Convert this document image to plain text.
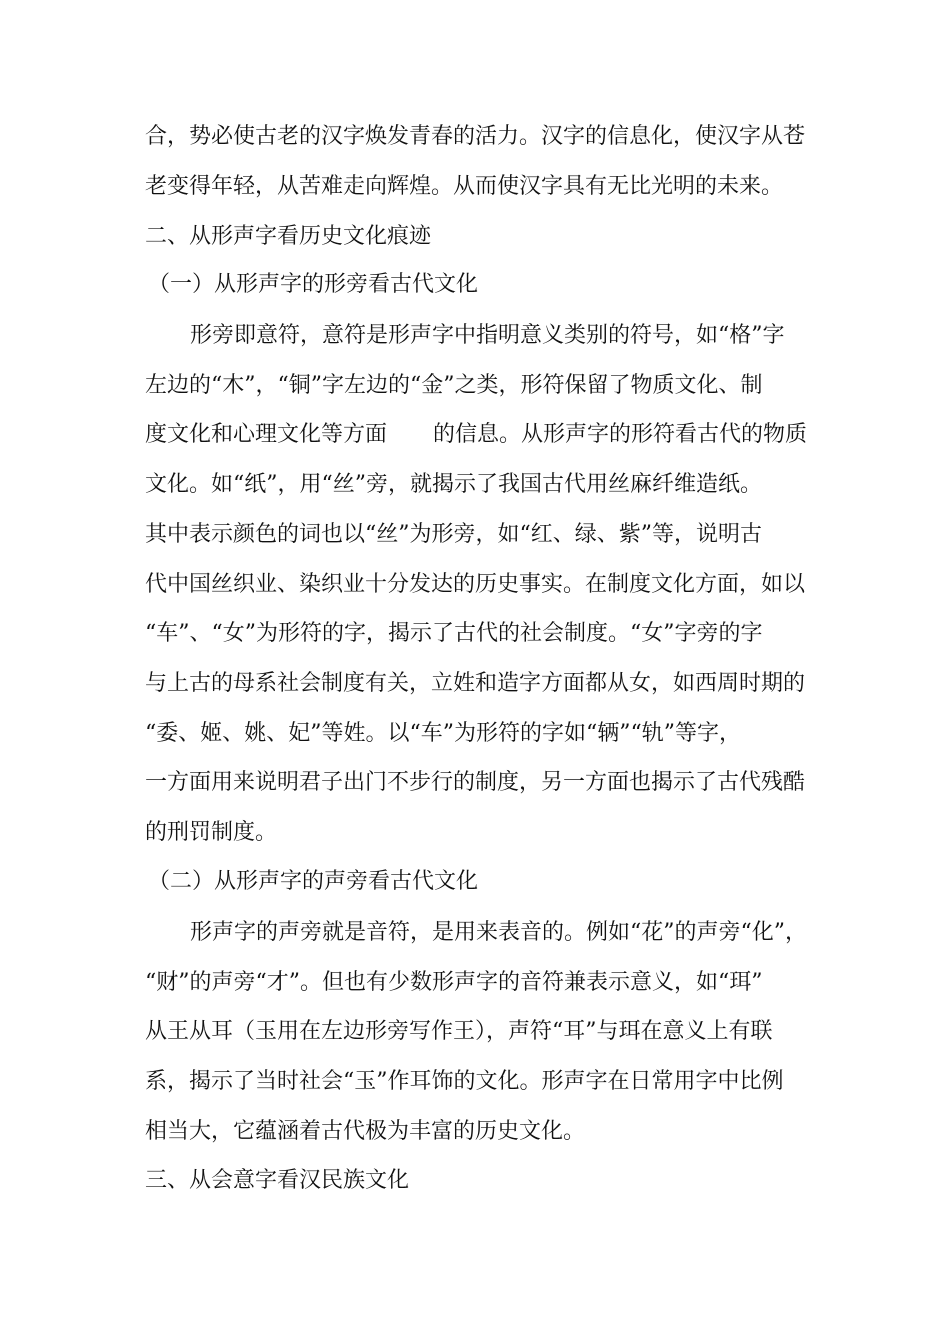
合，势必使古老的汉字焕发青春的活力。汉字的信息化，使汉字从苍
老变得年轻，从苦难走向辉煌。从而使汉字具有无比光明的未来。
二、从形声字看历史文化痕迹
（一）从形声字的形旁看古代文化
形旁即意符，意符是形声字中指明意义类别的符号，如“格”字
左边的“木”，“铜”字左边的“金”之类，形符保留了物质文化、制
度文化和心理文化等方面 的信息。从形声字的形符看古代的物质
文化。如“纸”，用“丝”旁，就揭示了我国古代用丝麻纤维造纸。
其中表示颜色的词也以“丝”为形旁，如“红、绿、紫”等，说明古
代中国丝织业、染织业十分发达的历史事实。在制度文化方面，如以
“车”、“女”为形符的字，揭示了古代的社会制度。“女”字旁的字
与上古的母系社会制度有关，立姓和造字方面都从女，如西周时期的
“委、姬、姚、妃”等姓。以“车”为形符的字如“辆”“轨”等字，
一方面用来说明君子出门不步行的制度，另一方面也揭示了古代残酷
的刑罚制度。
（二）从形声字的声旁看古代文化
形声字的声旁就是音符，是用来表音的。例如“花”的声旁“化”，
“财”的声旁“才”。但也有少数形声字的音符兼表示意义，如“珥”
从王从耳（玉用在左边形旁写作王），声符“耳”与珥在意义上有联
系，揭示了当时社会“玉”作耳饰的文化。形声字在日常用字中比例
相当大，它蕴涵着古代极为丰富的历史文化。
三、从会意字看汉民族文化
